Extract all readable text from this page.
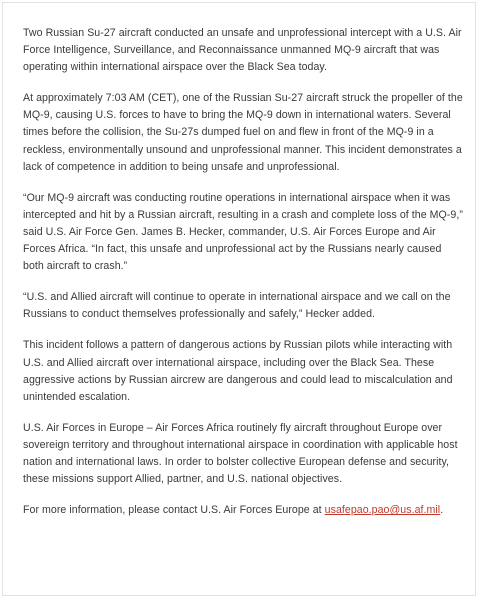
Two Russian Su-27 aircraft conducted an unsafe and unprofessional intercept with a U.S. Air Force Intelligence, Surveillance, and Reconnaissance unmanned MQ-9 aircraft that was operating within international airspace over the Black Sea today.

At approximately 7:03 AM (CET), one of the Russian Su-27 aircraft struck the propeller of the MQ-9, causing U.S. forces to have to bring the MQ-9 down in international waters. Several times before the collision, the Su-27s dumped fuel on and flew in front of the MQ-9 in a reckless, environmentally unsound and unprofessional manner. This incident demonstrates a lack of competence in addition to being unsafe and unprofessional.

“Our MQ-9 aircraft was conducting routine operations in international airspace when it was intercepted and hit by a Russian aircraft, resulting in a crash and complete loss of the MQ-9,” said U.S. Air Force Gen. James B. Hecker, commander, U.S. Air Forces Europe and Air Forces Africa. “In fact, this unsafe and unprofessional act by the Russians nearly caused both aircraft to crash.”

“U.S. and Allied aircraft will continue to operate in international airspace and we call on the Russians to conduct themselves professionally and safely,” Hecker added.

This incident follows a pattern of dangerous actions by Russian pilots while interacting with U.S. and Allied aircraft over international airspace, including over the Black Sea. These aggressive actions by Russian aircrew are dangerous and could lead to miscalculation and unintended escalation.

U.S. Air Forces in Europe – Air Forces Africa routinely fly aircraft throughout Europe over sovereign territory and throughout international airspace in coordination with applicable host nation and international laws. In order to bolster collective European defense and security, these missions support Allied, partner, and U.S. national objectives.

For more information, please contact U.S. Air Forces Europe at usafepao.pao@us.af.mil.
